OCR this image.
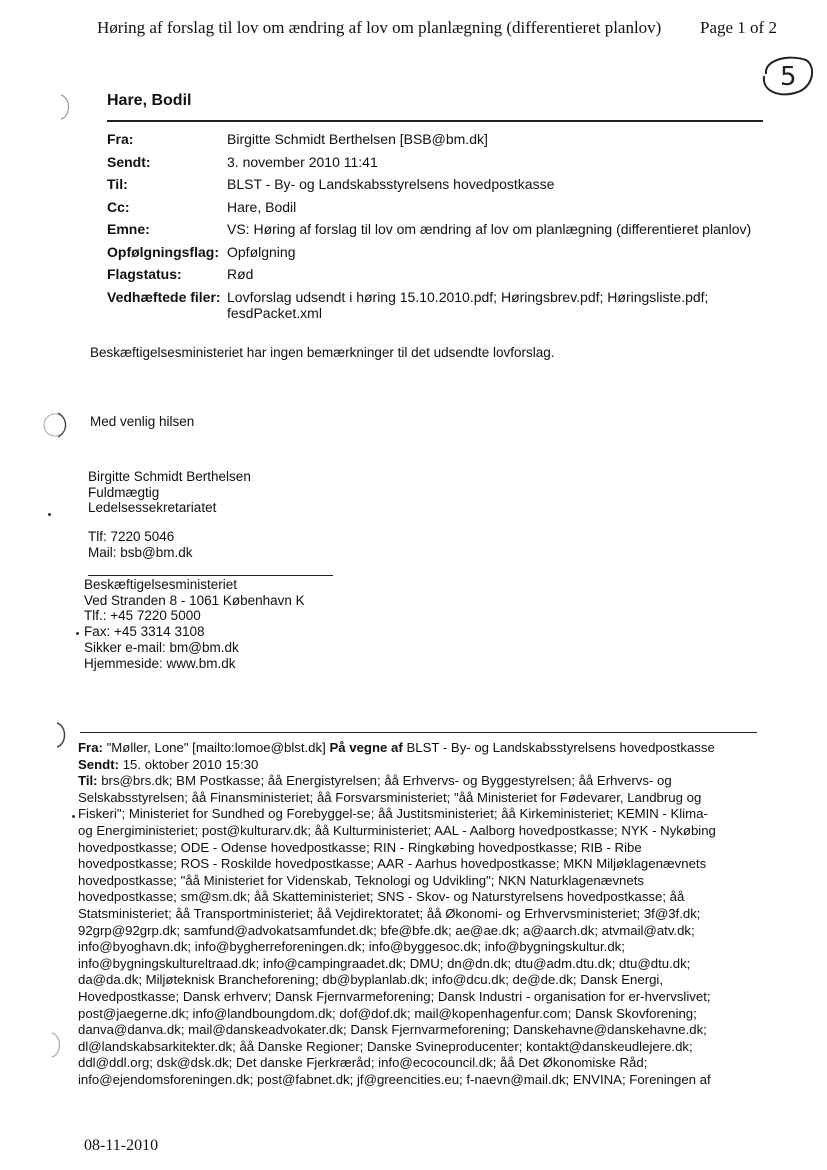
Høring af forslag til lov om ændring af lov om planlægning (differentieret planlov) Page 1 of 2
5
Hare, Bodil
Fra:	Birgitte Schmidt Berthelsen [BSB@bm.dk]
Sendt:	3. november 2010 11:41
Til:	BLST - By- og Landskabsstyrelsens hovedpostkasse
Cc:	Hare, Bodil
Emne:	VS: Høring af forslag til lov om ændring af lov om planlægning (differentieret planlov)
Opfølgningsflag: Opfølgning
Flagstatus:	Rød
Vedhæftede filer: Lovforslag udsendt i høring 15.10.2010.pdf; Høringsbrev.pdf; Høringsliste.pdf;
fesdPacket.xml
Beskæftigelsesministeriet har ingen bemærkninger til det udsendte lovforslag.
Med venlig hilsen
Birgitte Schmidt Berthelsen
Fuldmægtig
Ledelsessekretariatet
Tlf: 7220 5046
Mail: bsb@bm.dk
Beskæftigelsesministeriet
Ved Stranden 8 - 1061 København K
Tlf.: +45 7220 5000
Fax: +45 3314 3108
Sikker e-mail: bm@bm.dk
Hjemmeside: www.bm.dk
Fra: "Møller, Lone" [mailto:lomoe@blst.dk] På vegne af BLST - By- og Landskabsstyrelsens hovedpostkasse
Sendt: 15. oktober 2010 15:30
Til: brs@brs.dk; BM Postkasse; åå Energistyrelsen; åå Erhvervs- og Byggestyrelsen; åå Erhvervs- og
Selskabsstyrelsen; åå Finansministeriet; åå Forsvarsministeriet; "åå Ministeriet for Fødevarer, Landbrug og
Fiskeri"; Ministeriet for Sundhed og Forebyggel-se; åå Justitsministeriet; åå Kirkeministeriet; KEMIN - Klima-
og Energiministeriet; post@kulturarv.dk; åå Kulturministeriet; AAL - Aalborg hovedpostkasse; NYK - Nykøbing
hovedpostkasse; ODE - Odense hovedpostkasse; RIN - Ringkøbing hovedpostkasse; RIB - Ribe
hovedpostkasse; ROS - Roskilde hovedpostkasse; AAR - Aarhus hovedpostkasse; MKN Miljøklagenævnets
hovedpostkasse; "åå Ministeriet for Videnskab, Teknologi og Udvikling"; NKN Naturklagenævnets
hovedpostkasse; sm@sm.dk; åå Skatteministeriet; SNS - Skov- og Naturstyrelsens hovedpostkasse; åå
Statsministeriet; åå Transportministeriet; åå Vejdirektoratet; åå Økonomi- og Erhvervsministeriet; 3f@3f.dk;
92grp@92grp.dk; samfund@advokatsamfundet.dk; bfe@bfe.dk; ae@ae.dk; a@aarch.dk; atvmail@atv.dk;
info@byoghavn.dk; info@bygherreforeningen.dk; info@byggesoc.dk; info@bygningskultur.dk;
info@bygningskultureltraad.dk; info@campingraadet.dk; DMU; dn@dn.dk; dtu@adm.dtu.dk; dtu@dtu.dk;
da@da.dk; Miljøteknisk Brancheforening; db@byplanlab.dk; info@dcu.dk; de@de.dk; Dansk Energi,
Hovedpostkasse; Dansk erhverv; Dansk Fjernvarmeforening; Dansk Industri - organisation for er-hvervslivet;
post@jaegerne.dk; info@landboungdom.dk; dof@dof.dk; mail@kopenhagenfur.com; Dansk Skovforening;
danva@danva.dk; mail@danskeadvokater.dk; Dansk Fjernvarmeforening; Danskehavne@danskehavne.dk;
dl@landskabsarkitekter.dk; åå Danske Regioner; Danske Svineproducenter; kontakt@danskeudlejere.dk;
ddl@ddl.org; dsk@dsk.dk; Det danske Fjerkræråd; info@ecocouncil.dk; åå Det Økonomiske Råd;
info@ejendomsforeningen.dk; post@fabnet.dk; jf@greencities.eu; f-naevn@mail.dk; ENVINA; Foreningen af
08-11-2010
